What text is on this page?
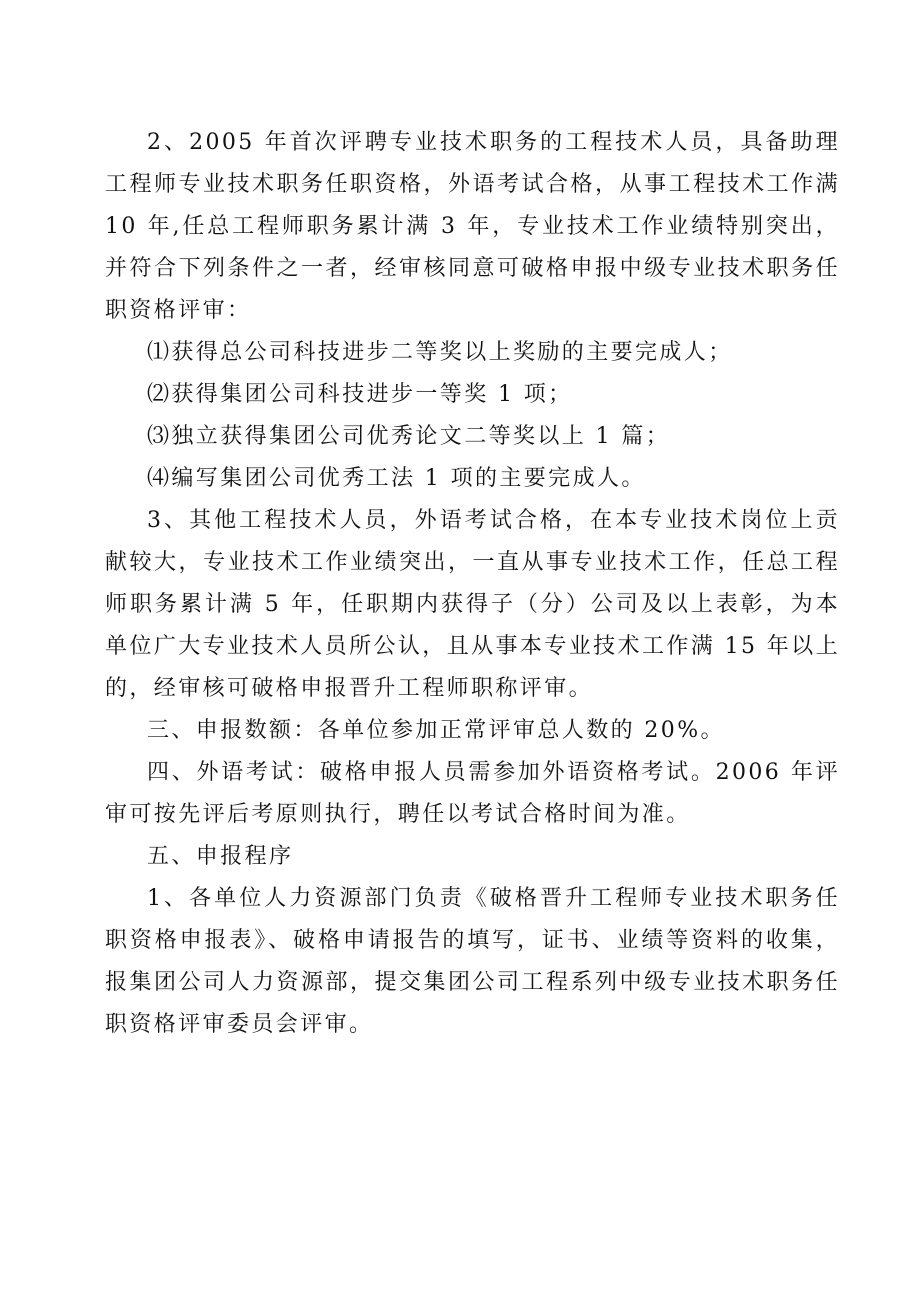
2、2005 年首次评聘专业技术职务的工程技术人员，具备助理工程师专业技术职务任职资格，外语考试合格，从事工程技术工作满 10 年,任总工程师职务累计满 3 年，专业技术工作业绩特别突出，并符合下列条件之一者，经审核同意可破格申报中级专业技术职务任职资格评审：

⑴获得总公司科技进步二等奖以上奖励的主要完成人；

⑵获得集团公司科技进步一等奖 1 项；

⑶独立获得集团公司优秀论文二等奖以上 1 篇；

⑷编写集团公司优秀工法 1 项的主要完成人。

3、其他工程技术人员，外语考试合格，在本专业技术岗位上贡献较大，专业技术工作业绩突出，一直从事专业技术工作，任总工程师职务累计满 5 年，任职期内获得子（分）公司及以上表彰，为本单位广大专业技术人员所公认，且从事本专业技术工作满 15 年以上的，经审核可破格申报晋升工程师职称评审。

三、申报数额：各单位参加正常评审总人数的 20%。

四、外语考试：破格申报人员需参加外语资格考试。2006 年评审可按先评后考原则执行，聘任以考试合格时间为准。

五、申报程序

1、各单位人力资源部门负责《破格晋升工程师专业技术职务任职资格申报表》、破格申请报告的填写，证书、业绩等资料的收集，报集团公司人力资源部，提交集团公司工程系列中级专业技术职务任职资格评审委员会评审。
